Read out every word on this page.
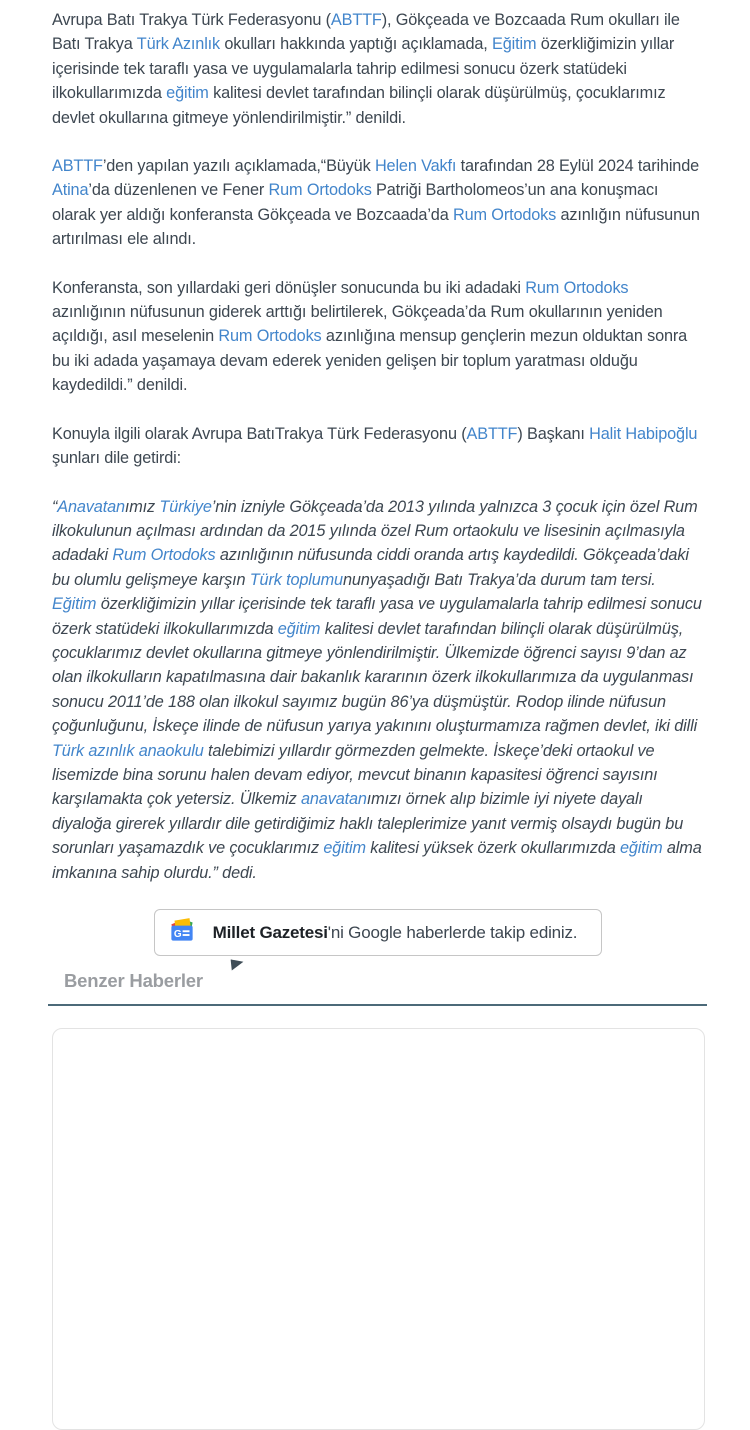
Avrupa Batı Trakya Türk Federasyonu (ABTTF), Gökçeada ve Bozcaada Rum okulları ile Batı Trakya Türk Azınlık okulları hakkında yaptığı açıklamada, Eğitim özerkliğimizin yıllar içerisinde tek taraflı yasa ve uygulamalarla tahrip edilmesi sonucu özerk statüdeki ilkokullarımızda eğitim kalitesi devlet tarafından bilinçli olarak düşürülmüş, çocuklarımız devlet okullarına gitmeye yönlendirilmiştir.” denildi.

ABTTF’den yapılan yazılı açıklamada,“Büyük Helen Vakfı tarafından 28 Eylül 2024 tarihinde Atina’da düzenlenen ve Fener Rum Ortodoks Patriği Bartholomeos’un ana konuşmacı olarak yer aldığı konferansta Gökçeada ve Bozcaada’da Rum Ortodoks azınlığın nüfusunun artırılması ele alındı.

Konferansta, son yıllardaki geri dönüşler sonucunda bu iki adadaki Rum Ortodoks azınlığının nüfusunun giderek arttığı belirtilerek, Gökçeada’da Rum okullarının yeniden açıldığı, asıl meselenin Rum Ortodoks azınlığına mensup gençlerin mezun olduktan sonra bu iki adada yaşamaya devam ederek yeniden gelişen bir toplum yaratması olduğu kaydedildi.” denildi.

Konuyla ilgili olarak Avrupa BatıTrakya Türk Federasyonu (ABTTF) Başkanı Halit Habipoğlu şunları dile getirdi:

“Anavatanımız Türkiye’nin izniyle Gökçeada’da 2013 yılında yalnızca 3 çocuk için özel Rum ilkokulunun açılması ardından da 2015 yılında özel Rum ortaokulu ve lisesinin açılmasıyla adadaki Rum Ortodoks azınlığının nüfusunda ciddi oranda artış kaydedildi. Gökçeada’daki bu olumlu gelişmeye karşın Türk toplumununyaşadığı Batı Trakya’da durum tam tersi. Eğitim özerkliğimizin yıllar içerisinde tek taraflı yasa ve uygulamalarla tahrip edilmesi sonucu özerk statüdeki ilkokullarımızda eğitim kalitesi devlet tarafından bilinçli olarak düşürülmüş, çocuklarımız devlet okullarına gitmeye yönlendirilmiştir. Ülkemizde öğrenci sayısı 9’dan az olan ilkokulların kapatılmasına dair bakanlık kararının özerk ilkokullarımıza da uygulanması sonucu 2011’de 188 olan ilkokul sayımız bugün 86’ya düşmüştür. Rodop ilinde nüfusun çoğunluğunu, İskeçe ilinde de nüfusun yarıya yakınını oluşturmamıza rağmen devlet, iki dilli Türk azınlık anaokulu talebimizi yıllardır görmezden gelmekte. İskeçe’deki ortaokul ve lisemizde bina sorunu halen devam ediyor, mevcut binanın kapasitesi öğrenci sayısını karşılamakta çok yetersiz. Ülkemiz anavatanımızı örnek alıp bizimle iyi niyete dayalı diyaloğa girerek yıllardır dile getirdiğimiz haklı taleplerimize yanıt vermiş olsaydı bugün bu sorunları yaşamazdık ve çocuklarımız eğitim kalitesi yüksek özerk okullarımızda eğitim alma imkanına sahip olurdu.” dedi.

G Millet Gazetesi'ni Google haberlerde takip ediniz.
Benzer Haberler
